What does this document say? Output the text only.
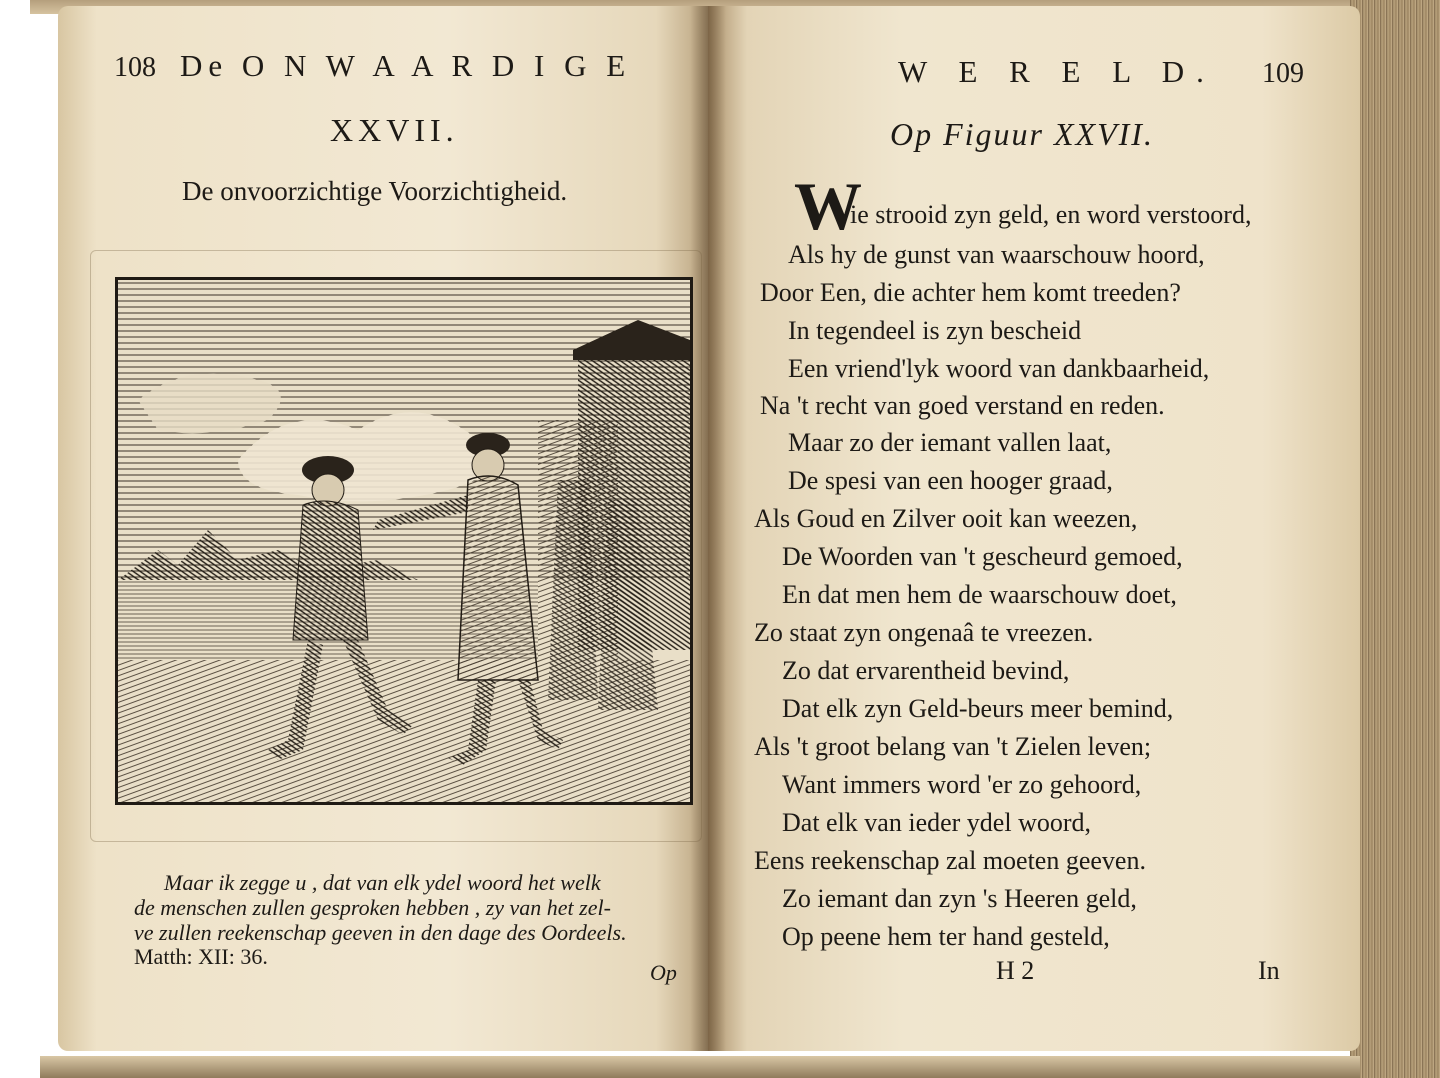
108 De O N W A A R D I G E
XXVII.
De onvoorzichtige Voorzichtigheid.
Maar ik zegge u , dat van elk ydel woord het welk
de menschen zullen gesproken hebben , zy van het zel-
ve zullen reekenschap geeven in den dage des Oordeels.
Matth: XII: 36.
Op
W E R E L D. 109
Op Figuur XXVII.
W
ie strooid zyn geld, en word verstoord,
Als hy de gunst van waarschouw hoord,
Door Een, die achter hem komt treeden?
In tegendeel is zyn bescheid
Een vriend'lyk woord van dankbaarheid,
Na 't recht van goed verstand en reden.
Maar zo der iemant vallen laat,
De spesi van een hooger graad,
Als Goud en Zilver ooit kan weezen,
De Woorden van 't gescheurd gemoed,
En dat men hem de waarschouw doet,
Zo staat zyn ongenaâ te vreezen.
Zo dat ervarentheid bevind,
Dat elk zyn Geld-beurs meer bemind,
Als 't groot belang van 't Zielen leven;
Want immers word 'er zo gehoord,
Dat elk van ieder ydel woord,
Eens reekenschap zal moeten geeven.
Zo iemant dan zyn 's Heeren geld,
Op peene hem ter hand gesteld,
H 2	In
